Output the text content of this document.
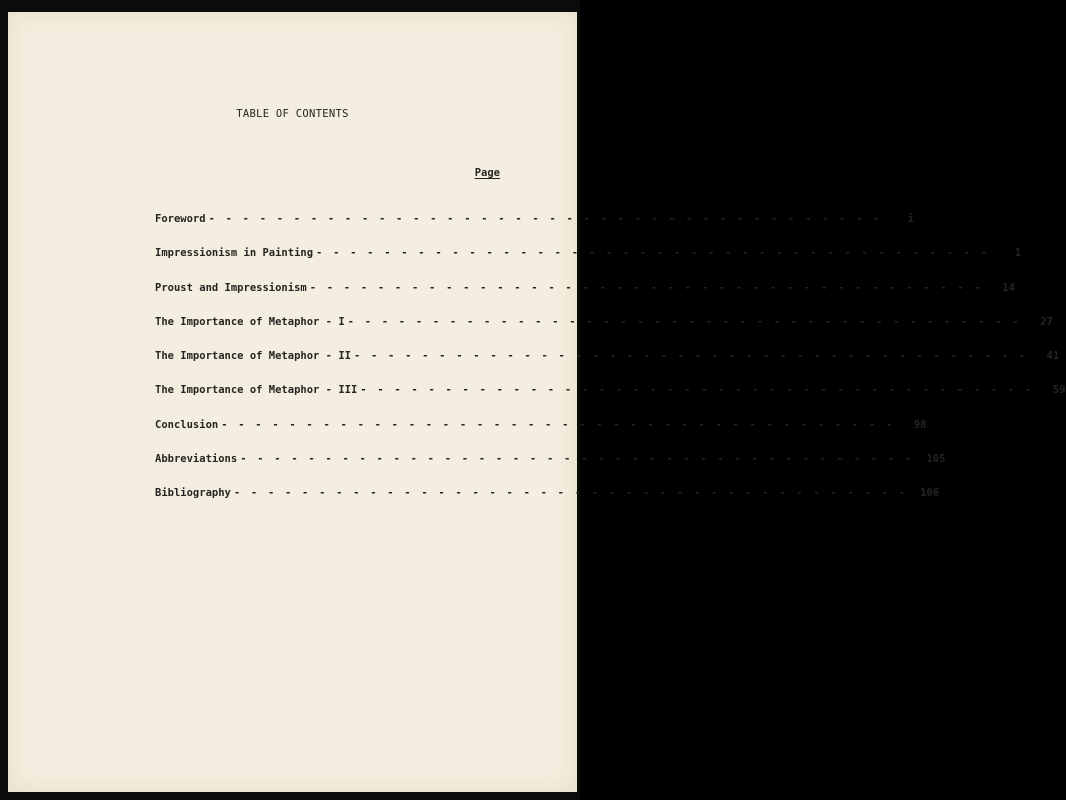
TABLE OF CONTENTS
Page
Foreword - - - - - - - - - - - - - - - - - - - - - - - - - - - - - - - - - - - - - - - -	i
Impressionism in Painting - - - - - - - - - - - - - - - - - - - - - - - - - - - - - - - - - - - - - - - -	1
Proust and Impressionism - - - - - - - - - - - - - - - - - - - - - - - - - - - - - - - - - - - - - - - -	14
The Importance of Metaphor - I - - - - - - - - - - - - - - - - - - - - - - - - - - - - - - - - - - - - - - - -	27
The Importance of Metaphor - II - - - - - - - - - - - - - - - - - - - - - - - - - - - - - - - - - - - - - - - -	41
The Importance of Metaphor - III - - - - - - - - - - - - - - - - - - - - - - - - - - - - - - - - - - - - - - - -	59
Conclusion - - - - - - - - - - - - - - - - - - - - - - - - - - - - - - - - - - - - - - - -	98
Abbreviations - - - - - - - - - - - - - - - - - - - - - - - - - - - - - - - - - - - - - - - -	105
Bibliography - - - - - - - - - - - - - - - - - - - - - - - - - - - - - - - - - - - - - - - -	106
